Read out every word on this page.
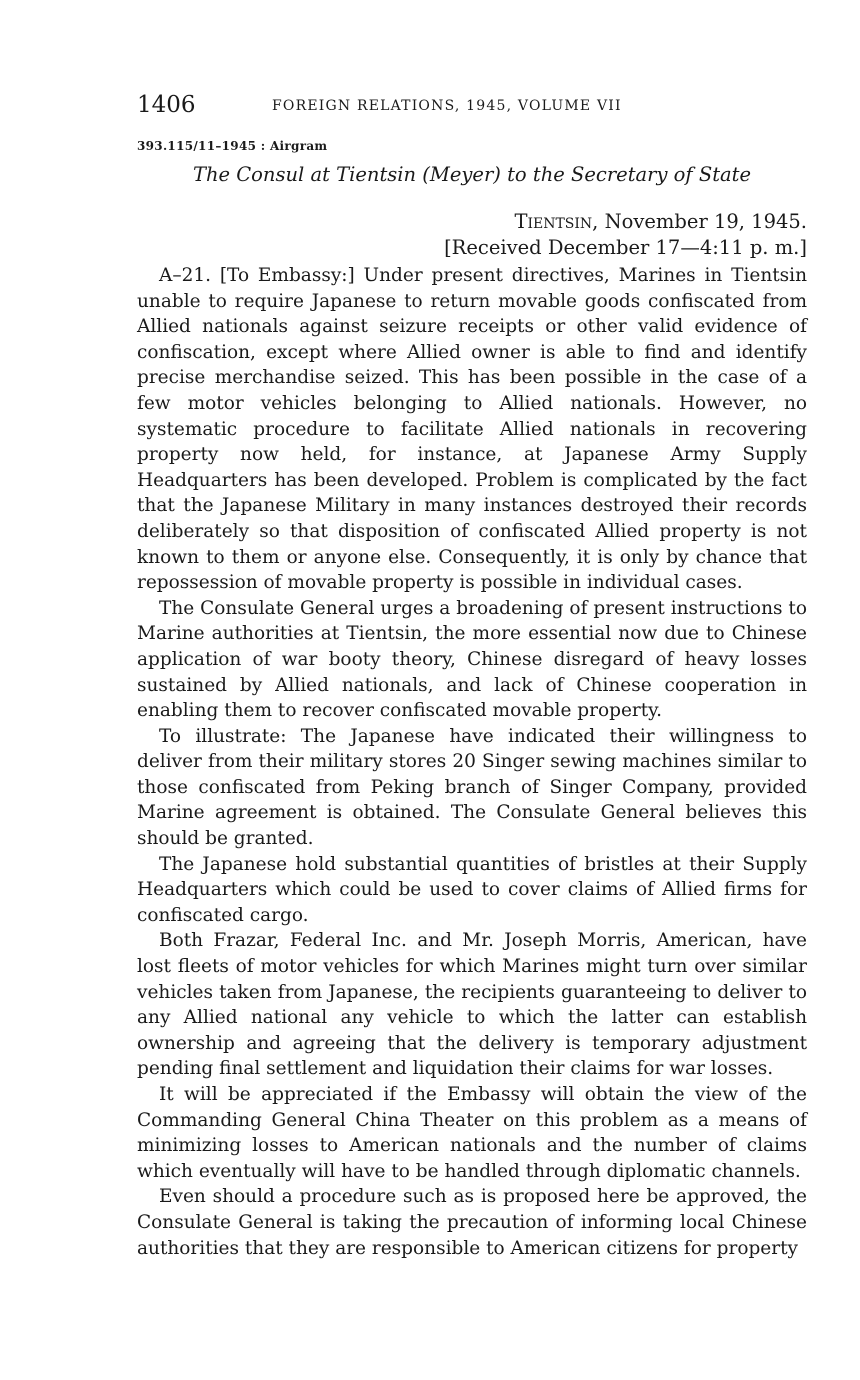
1406	FOREIGN RELATIONS, 1945, VOLUME VII
393.115/11–1945 : Airgram
The Consul at Tientsin (Meyer) to the Secretary of State
Tientsin, November 19, 1945.
[Received December 17—4:11 p. m.]

A–21. [To Embassy:] Under present directives, Marines in Tientsin unable to require Japanese to return movable goods confiscated from Allied nationals against seizure receipts or other valid evidence of confiscation, except where Allied owner is able to find and identify precise merchandise seized. This has been possible in the case of a few motor vehicles belonging to Allied nationals. However, no systematic procedure to facilitate Allied nationals in recovering property now held, for instance, at Japanese Army Supply Headquarters has been developed. Problem is complicated by the fact that the Japanese Military in many instances destroyed their records deliberately so that disposition of confiscated Allied property is not known to them or anyone else. Consequently, it is only by chance that repossession of movable property is possible in individual cases.

The Consulate General urges a broadening of present instructions to Marine authorities at Tientsin, the more essential now due to Chinese application of war booty theory, Chinese disregard of heavy losses sustained by Allied nationals, and lack of Chinese cooperation in enabling them to recover confiscated movable property.

To illustrate: The Japanese have indicated their willingness to deliver from their military stores 20 Singer sewing machines similar to those confiscated from Peking branch of Singer Company, provided Marine agreement is obtained. The Consulate General believes this should be granted.

The Japanese hold substantial quantities of bristles at their Supply Headquarters which could be used to cover claims of Allied firms for confiscated cargo.

Both Frazar, Federal Inc. and Mr. Joseph Morris, American, have lost fleets of motor vehicles for which Marines might turn over similar vehicles taken from Japanese, the recipients guaranteeing to deliver to any Allied national any vehicle to which the latter can establish ownership and agreeing that the delivery is temporary adjustment pending final settlement and liquidation their claims for war losses.

It will be appreciated if the Embassy will obtain the view of the Commanding General China Theater on this problem as a means of minimizing losses to American nationals and the number of claims which eventually will have to be handled through diplomatic channels.

Even should a procedure such as is proposed here be approved, the Consulate General is taking the precaution of informing local Chinese authorities that they are responsible to American citizens for property
